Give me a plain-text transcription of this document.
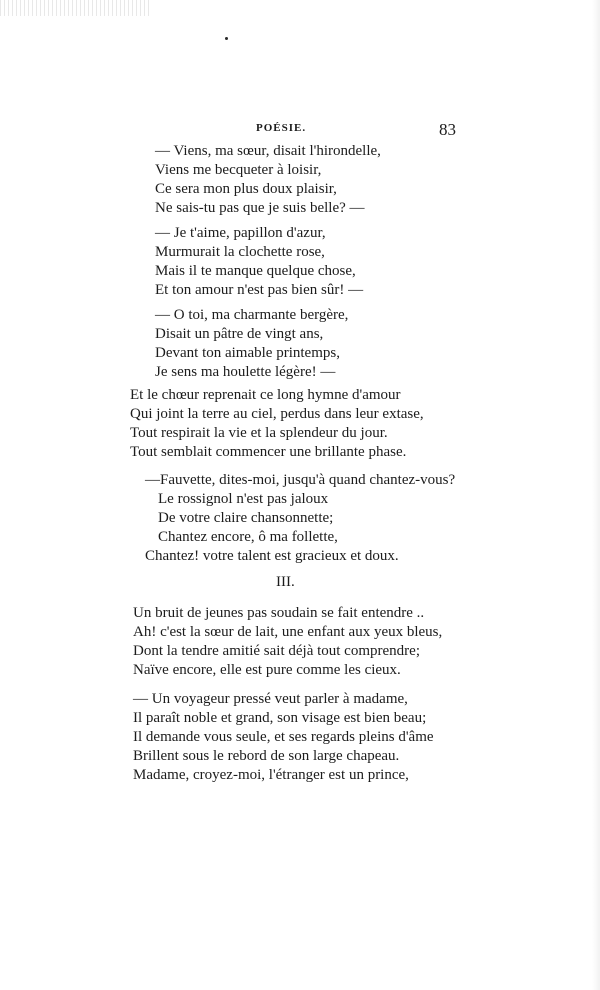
POÉSIE.	83
— Viens, ma sœur, disait l'hirondelle,
Viens me becqueter à loisir,
Ce sera mon plus doux plaisir,
Ne sais-tu pas que je suis belle? —
— Je t'aime, papillon d'azur,
Murmurait la clochette rose,
Mais il te manque quelque chose,
Et ton amour n'est pas bien sûr! —
— O toi, ma charmante bergère,
Disait un pâtre de vingt ans,
Devant ton aimable printemps,
Je sens ma houlette légère! —
Et le chœur reprenait ce long hymne d'amour
Qui joint la terre au ciel, perdus dans leur extase,
Tout respirait la vie et la splendeur du jour.
Tout semblait commencer une brillante phase.
—Fauvette, dites-moi, jusqu'à quand chantez-vous?
Le rossignol n'est pas jaloux
De votre claire chansonnette;
Chantez encore, ô ma follette,
Chantez! votre talent est gracieux et doux.
III.
Un bruit de jeunes pas soudain se fait entendre ..
Ah! c'est la sœur de lait, une enfant aux yeux bleus,
Dont la tendre amitié sait déjà tout comprendre;
Naïve encore, elle est pure comme les cieux.
— Un voyageur pressé veut parler à madame,
Il paraît noble et grand, son visage est bien beau;
Il demande vous seule, et ses regards pleins d'âme
Brillent sous le rebord de son large chapeau.
Madame, croyez-moi, l'étranger est un prince,
